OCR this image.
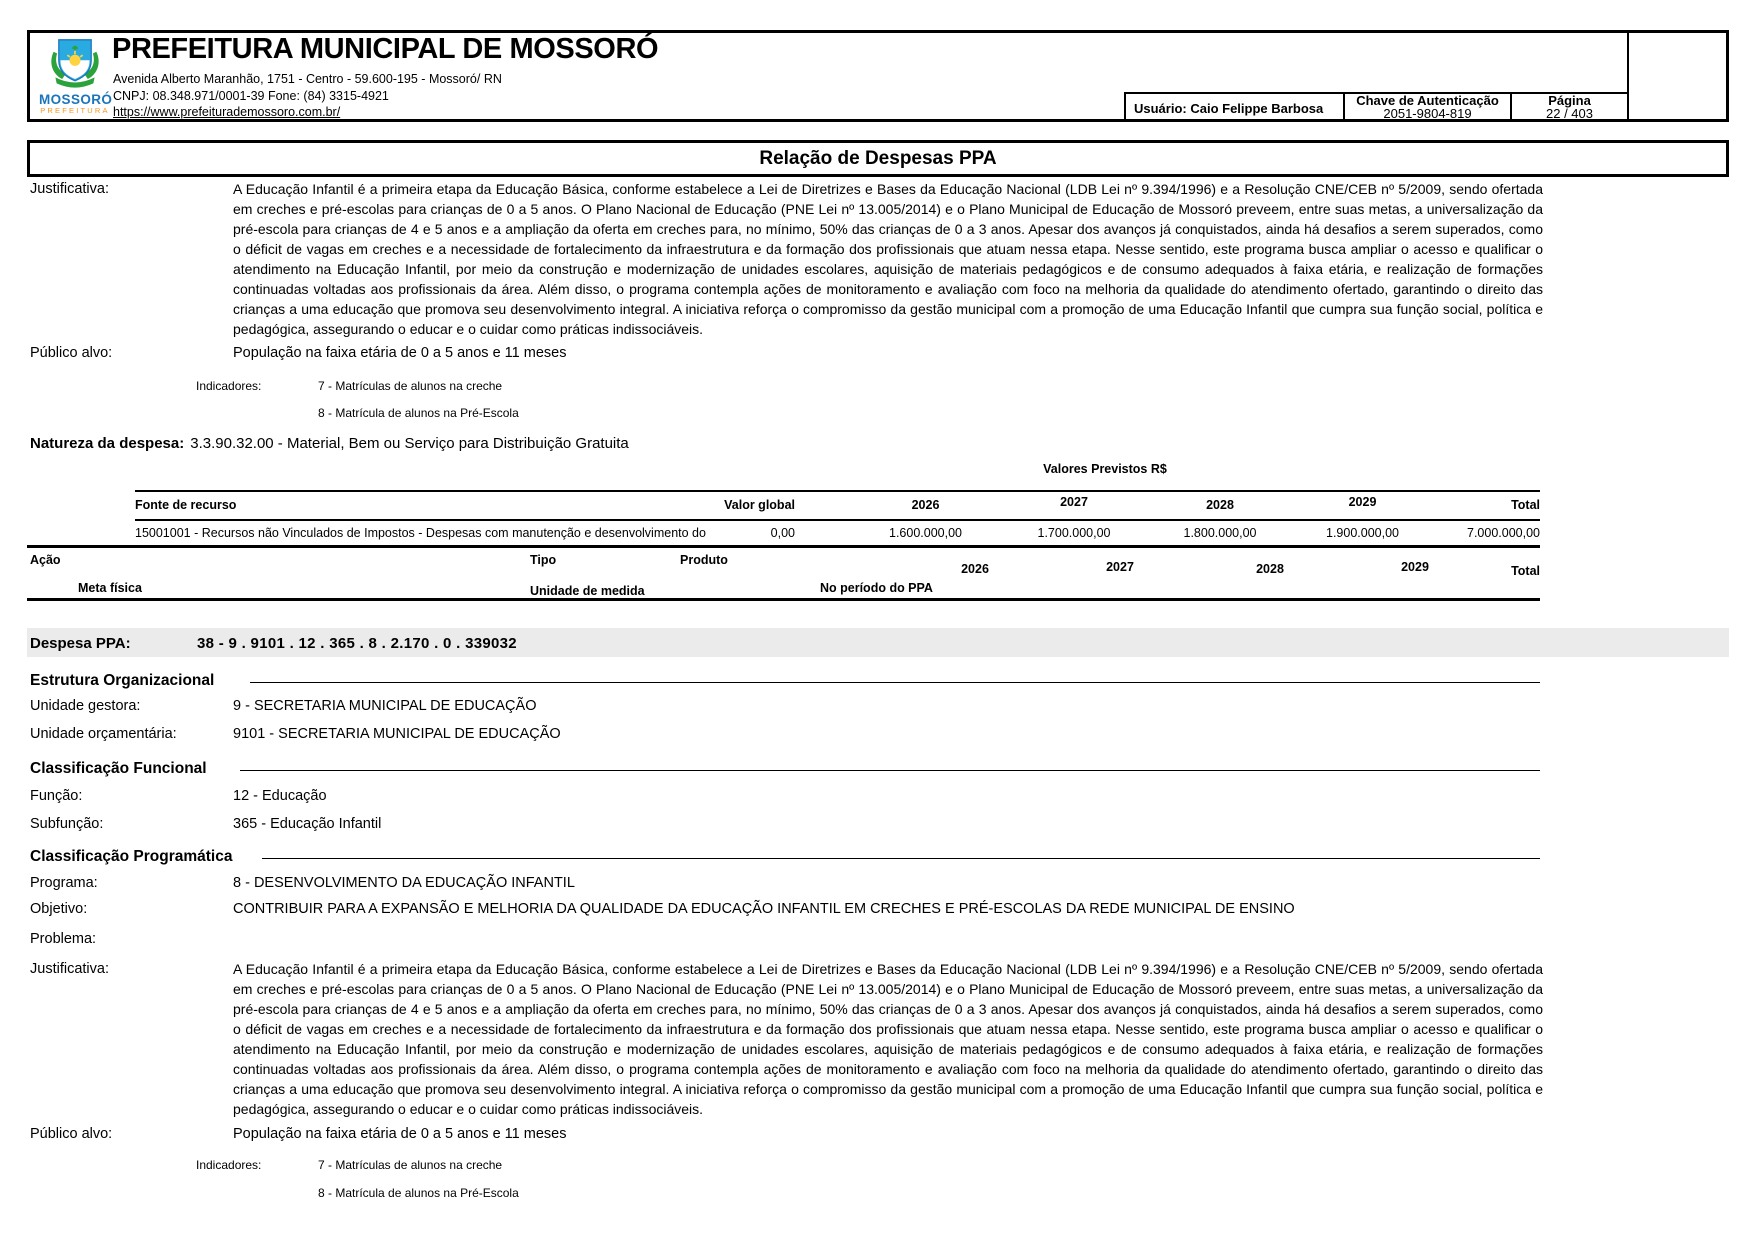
MOSSORÓ
PREFEITURA
PREFEITURA MUNICIPAL DE MOSSORÓ
Avenida Alberto Maranhão, 1751 - Centro - 59.600-195 - Mossoró/ RN
CNPJ: 08.348.971/0001-39 Fone: (84) 3315-4921
https://www.prefeiturademossoro.com.br/	Usuário: Caio Felippe Barbosa
Chave de Autenticação
2051-9804-819
Página
22 / 403
Relação de Despesas PPA
Justificativa:	A Educação Infantil é a primeira etapa da Educação Básica, conforme estabelece a Lei de Diretrizes e Bases da Educação Nacional (LDB Lei nº 9.394/1996) e a Resolução CNE/CEB nº 5/2009, sendo ofertada em creches e pré-escolas para crianças de 0 a 5 anos. O Plano Nacional de Educação (PNE Lei nº 13.005/2014) e o Plano Municipal de Educação de Mossoró preveem, entre suas metas, a universalização da pré-escola para crianças de 4 e 5 anos e a ampliação da oferta em creches para, no mínimo, 50% das crianças de 0 a 3 anos. Apesar dos avanços já conquistados, ainda há desafios a serem superados, como o déficit de vagas em creches e a necessidade de fortalecimento da infraestrutura e da formação dos profissionais que atuam nessa etapa. Nesse sentido, este programa busca ampliar o acesso e qualificar o atendimento na Educação Infantil, por meio da construção e modernização de unidades escolares, aquisição de materiais pedagógicos e de consumo adequados à faixa etária, e realização de formações continuadas voltadas aos profissionais da área. Além disso, o programa contempla ações de monitoramento e avaliação com foco na melhoria da qualidade do atendimento ofertado, garantindo o direito das crianças a uma educação que promova seu desenvolvimento integral. A iniciativa reforça o compromisso da gestão municipal com a promoção de uma Educação Infantil que cumpra sua função social, política e pedagógica, assegurando o educar e o cuidar como práticas indissociáveis.
Público alvo:	População na faixa etária de 0 a 5 anos e 11 meses
Indicadores:	7 - Matrículas de alunos na creche
8 - Matrícula de alunos na Pré-Escola
Natureza da despesa: 3.3.90.32.00 - Material, Bem ou Serviço para Distribuição Gratuita
Valores Previstos R$
Fonte de recurso	Valor global	2026	2027	2028	2029	Total
15001001 - Recursos não Vinculados de Impostos - Despesas com manutenção e desenvolvimento do	0,00	1.600.000,00	1.700.000,00	1.800.000,00	1.900.000,00	7.000.000,00
Ação	Tipo	Produto
2026	2027	2028	2029	Total
Meta física	Unidade de medida	No período do PPA
Despesa PPA:	38 - 9 . 9101 . 12 . 365 . 8 . 2.170 . 0 . 339032
Estrutura Organizacional
Unidade gestora:	9 - SECRETARIA MUNICIPAL DE EDUCAÇÃO
Unidade orçamentária:	9101 - SECRETARIA MUNICIPAL DE EDUCAÇÃO
Classificação Funcional
Função:	12 - Educação
Subfunção:	365 - Educação Infantil
Classificação Programática
Programa:	8 - DESENVOLVIMENTO DA EDUCAÇÃO INFANTIL
Objetivo:	CONTRIBUIR PARA A EXPANSÃO E MELHORIA DA QUALIDADE DA EDUCAÇÃO INFANTIL EM CRECHES E PRÉ-ESCOLAS DA REDE MUNICIPAL DE ENSINO
Problema:
Justificativa:	A Educação Infantil é a primeira etapa da Educação Básica, conforme estabelece a Lei de Diretrizes e Bases da Educação Nacional (LDB Lei nº 9.394/1996) e a Resolução CNE/CEB nº 5/2009, sendo ofertada em creches e pré-escolas para crianças de 0 a 5 anos. O Plano Nacional de Educação (PNE Lei nº 13.005/2014) e o Plano Municipal de Educação de Mossoró preveem, entre suas metas, a universalização da pré-escola para crianças de 4 e 5 anos e a ampliação da oferta em creches para, no mínimo, 50% das crianças de 0 a 3 anos. Apesar dos avanços já conquistados, ainda há desafios a serem superados, como o déficit de vagas em creches e a necessidade de fortalecimento da infraestrutura e da formação dos profissionais que atuam nessa etapa. Nesse sentido, este programa busca ampliar o acesso e qualificar o atendimento na Educação Infantil, por meio da construção e modernização de unidades escolares, aquisição de materiais pedagógicos e de consumo adequados à faixa etária, e realização de formações continuadas voltadas aos profissionais da área. Além disso, o programa contempla ações de monitoramento e avaliação com foco na melhoria da qualidade do atendimento ofertado, garantindo o direito das crianças a uma educação que promova seu desenvolvimento integral. A iniciativa reforça o compromisso da gestão municipal com a promoção de uma Educação Infantil que cumpra sua função social, política e pedagógica, assegurando o educar e o cuidar como práticas indissociáveis.
Público alvo:	População na faixa etária de 0 a 5 anos e 11 meses
Indicadores:	7 - Matrículas de alunos na creche
8 - Matrícula de alunos na Pré-Escola
